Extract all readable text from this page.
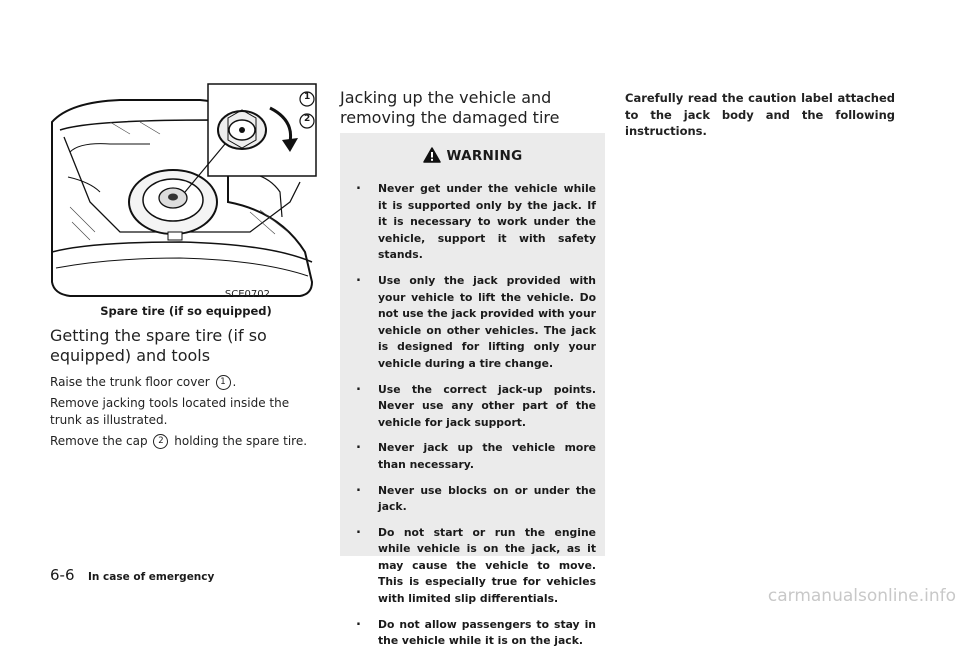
1
2
SCE0702
Spare tire (if so equipped)
Getting the spare tire (if so equipped) and tools

Raise the trunk floor cover 1 .

Remove jacking tools located inside the trunk as illustrated.

Remove the cap 2 holding the spare tire.

Jacking up the vehicle and removing the damaged tire
WARNING
. Never get under the vehicle while it is supported only by the jack. If it is necessary to work under the vehicle, support it with safety stands.
. Use only the jack provided with your vehicle to lift the vehicle. Do not use the jack provided with your vehicle on other vehicles. The jack is designed for lifting only your vehicle during a tire change.
. Use the correct jack-up points. Never use any other part of the vehicle for jack support.
. Never jack up the vehicle more than necessary.
. Never use blocks on or under the jack.
. Do not start or run the engine while vehicle is on the jack, as it may cause the vehicle to move. This is especially true for vehicles with limited slip differentials.
. Do not allow passengers to stay in the vehicle while it is on the jack.

Carefully read the caution label attached to the jack body and the following instructions.

6-6 In case of emergency
carmanualsonline.info
